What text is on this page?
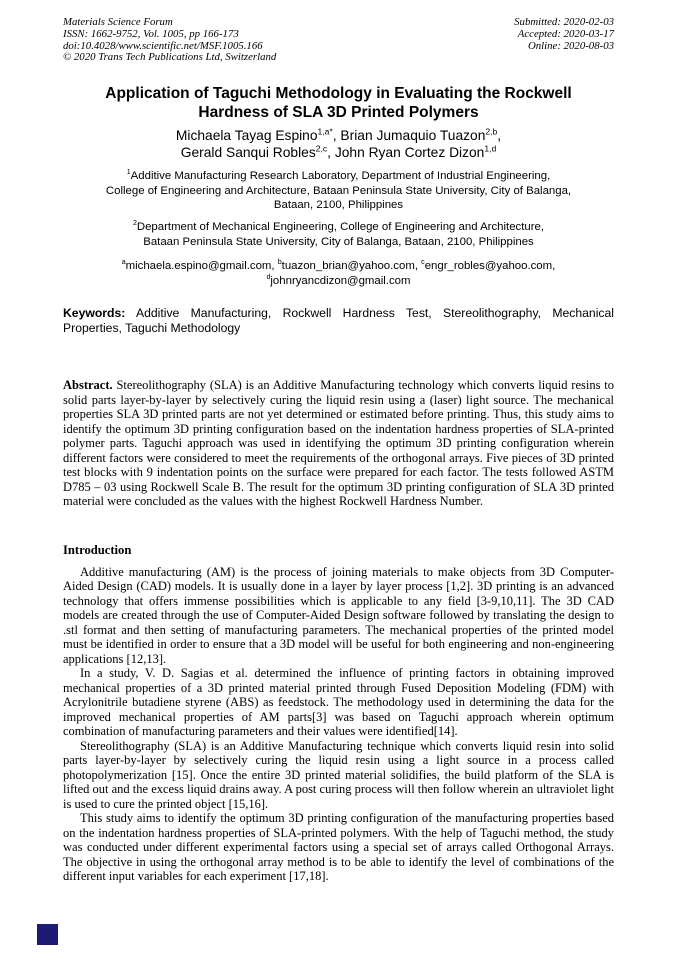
Materials Science Forum
ISSN: 1662-9752, Vol. 1005, pp 166-173
doi:10.4028/www.scientific.net/MSF.1005.166
© 2020 Trans Tech Publications Ltd, Switzerland
Submitted: 2020-02-03
Accepted: 2020-03-17
Online: 2020-08-03
Application of Taguchi Methodology in Evaluating the Rockwell
Hardness of SLA 3D Printed Polymers
Michaela Tayag Espino$^{1,a*}$, Brian Jumaquio Tuazon$^{2,b}$,
Gerald Sanqui Robles$^{2,c}$, John Ryan Cortez Dizon$^{1,d}$
$^1$Additive Manufacturing Research Laboratory, Department of Industrial Engineering,
College of Engineering and Architecture, Bataan Peninsula State University, City of Balanga,
Bataan, 2100, Philippines
$^2$Department of Mechanical Engineering, College of Engineering and Architecture,
Bataan Peninsula State University, City of Balanga, Bataan, 2100, Philippines
$^a$michaela.espino@gmail.com, $^b$tuazon_brian@yahoo.com, $^c$engr_robles@yahoo.com,
$^d$johnryancdizon@gmail.com

Keywords: Additive Manufacturing, Rockwell Hardness Test, Stereolithography, Mechanical Properties, Taguchi Methodology

Abstract. Stereolithography (SLA) is an Additive Manufacturing technology which converts liquid resins to solid parts layer-by-layer by selectively curing the liquid resin using a (laser) light source. The mechanical properties SLA 3D printed parts are not yet determined or estimated before printing. Thus, this study aims to identify the optimum 3D printing configuration based on the indentation hardness properties of SLA-printed polymer parts. Taguchi approach was used in identifying the optimum 3D printing configuration wherein different factors were considered to meet the requirements of the orthogonal arrays. Five pieces of 3D printed test blocks with 9 indentation points on the surface were prepared for each factor. The tests followed ASTM D785 – 03 using Rockwell Scale B. The result for the optimum 3D printing configuration of SLA 3D printed material were concluded as the values with the highest Rockwell Hardness Number.

Introduction

Additive manufacturing (AM) is the process of joining materials to make objects from 3D Computer-Aided Design (CAD) models. It is usually done in a layer by layer process [1,2]. 3D printing is an advanced technology that offers immense possibilities which is applicable to any field [3-9,10,11]. The 3D CAD models are created through the use of Computer-Aided Design software followed by translating the design to .stl format and then setting of manufacturing parameters. The mechanical properties of the printed model must be identified in order to ensure that a 3D model will be useful for both engineering and non-engineering applications [12,13].

In a study, V. D. Sagias et al. determined the influence of printing factors in obtaining improved mechanical properties of a 3D printed material printed through Fused Deposition Modeling (FDM) with Acrylonitrile butadiene styrene (ABS) as feedstock. The methodology used in determining the data for the improved mechanical properties of AM parts[3] was based on Taguchi approach wherein optimum combination of manufacturing parameters and their values were identified[14].

Stereolithography (SLA) is an Additive Manufacturing technique which converts liquid resin into solid parts layer-by-layer by selectively curing the liquid resin using a light source in a process called photopolymerization [15]. Once the entire 3D printed material solidifies, the build platform of the SLA is lifted out and the excess liquid drains away. A post curing process will then follow wherein an ultraviolet light is used to cure the printed object [15,16].

This study aims to identify the optimum 3D printing configuration of the manufacturing properties based on the indentation hardness properties of SLA-printed polymers. With the help of Taguchi method, the study was conducted under different experimental factors using a special set of arrays called Orthogonal Arrays. The objective in using the orthogonal array method is to be able to identify the level of combinations of the different input variables for each experiment [17,18].
